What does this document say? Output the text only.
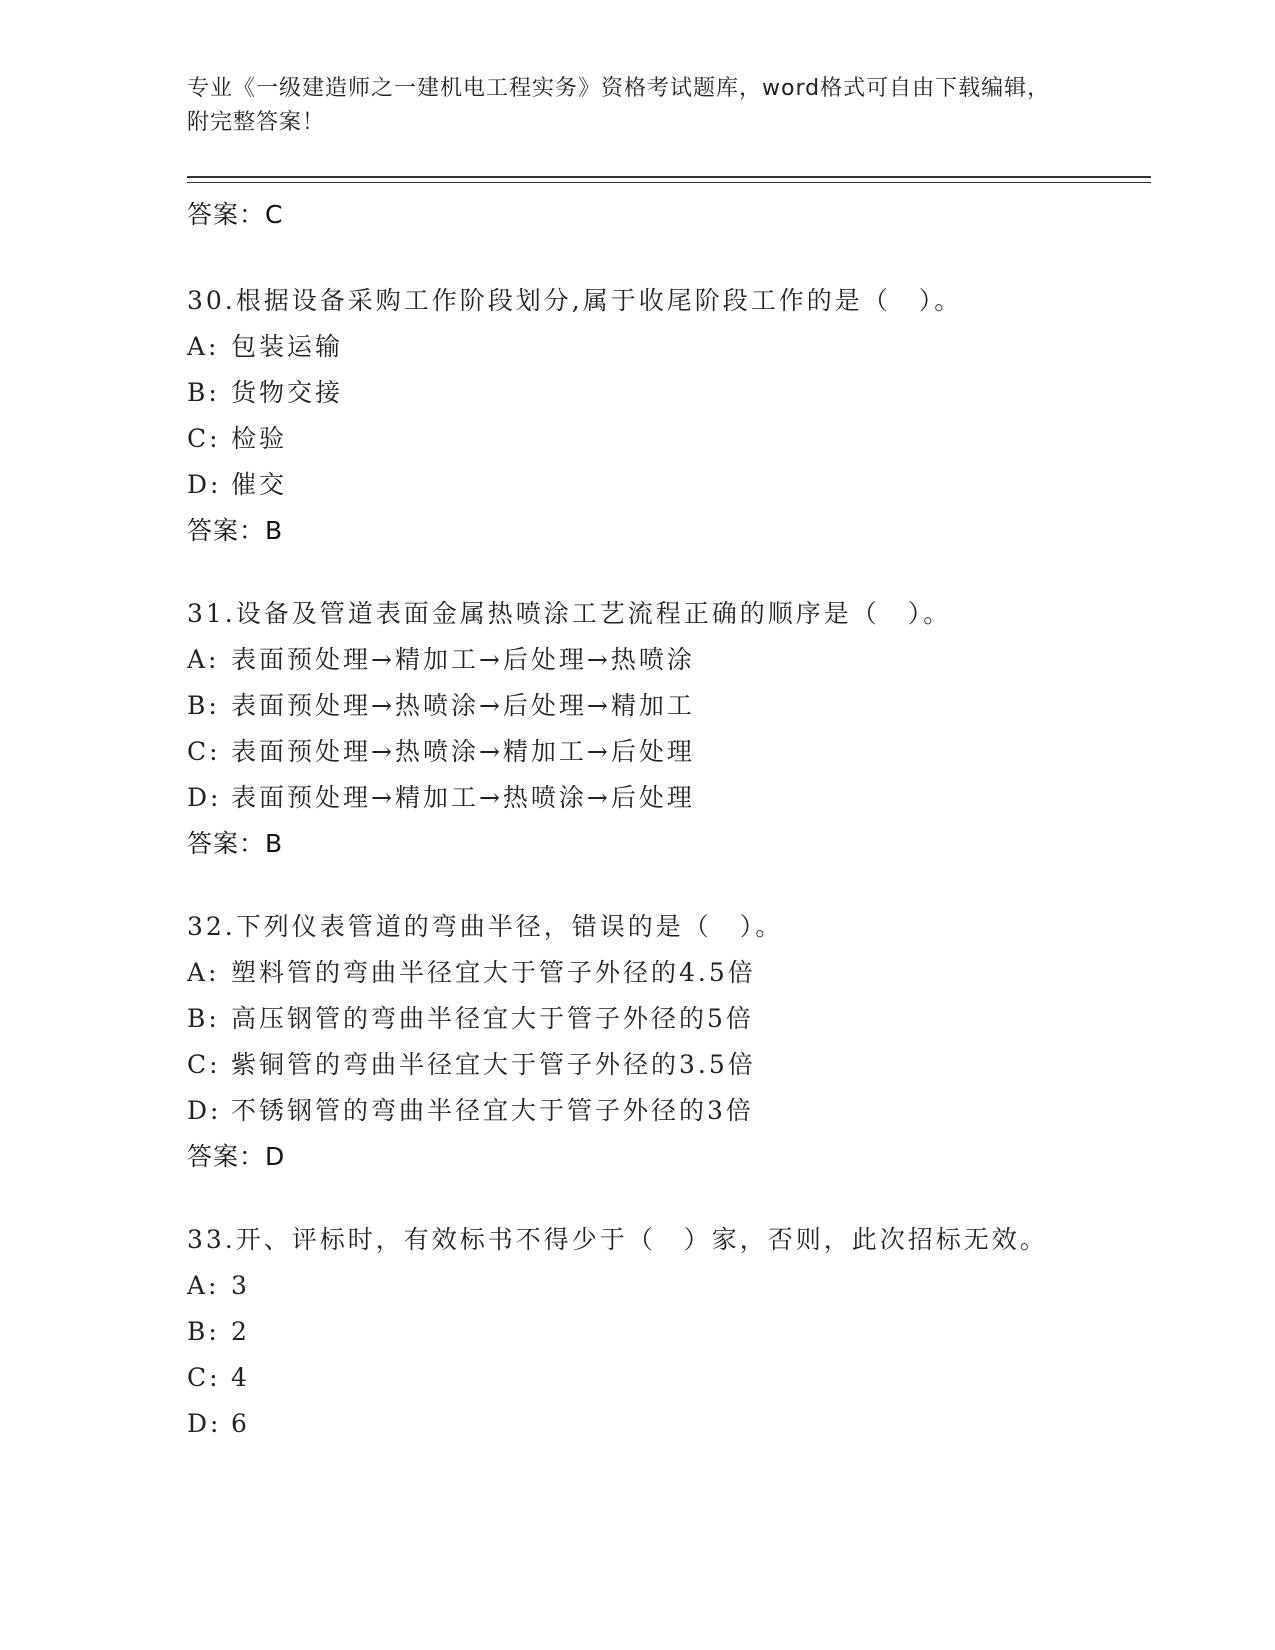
专业《一级建造师之一建机电工程实务》资格考试题库，word格式可自由下载编辑，附完整答案！
答案：C
30.根据设备采购工作阶段划分,属于收尾阶段工作的是（　）。
A: 包装运输
B: 货物交接
C: 检验
D: 催交
答案：B
31.设备及管道表面金属热喷涂工艺流程正确的顺序是（　）。
A: 表面预处理→精加工→后处理→热喷涂
B: 表面预处理→热喷涂→后处理→精加工
C: 表面预处理→热喷涂→精加工→后处理
D: 表面预处理→精加工→热喷涂→后处理
答案：B
32.下列仪表管道的弯曲半径，错误的是（　）。
A: 塑料管的弯曲半径宜大于管子外径的4.5倍
B: 高压钢管的弯曲半径宜大于管子外径的5倍
C: 紫铜管的弯曲半径宜大于管子外径的3.5倍
D: 不锈钢管的弯曲半径宜大于管子外径的3倍
答案：D
33.开、评标时，有效标书不得少于（　）家，否则，此次招标无效。
A: 3
B: 2
C: 4
D: 6
